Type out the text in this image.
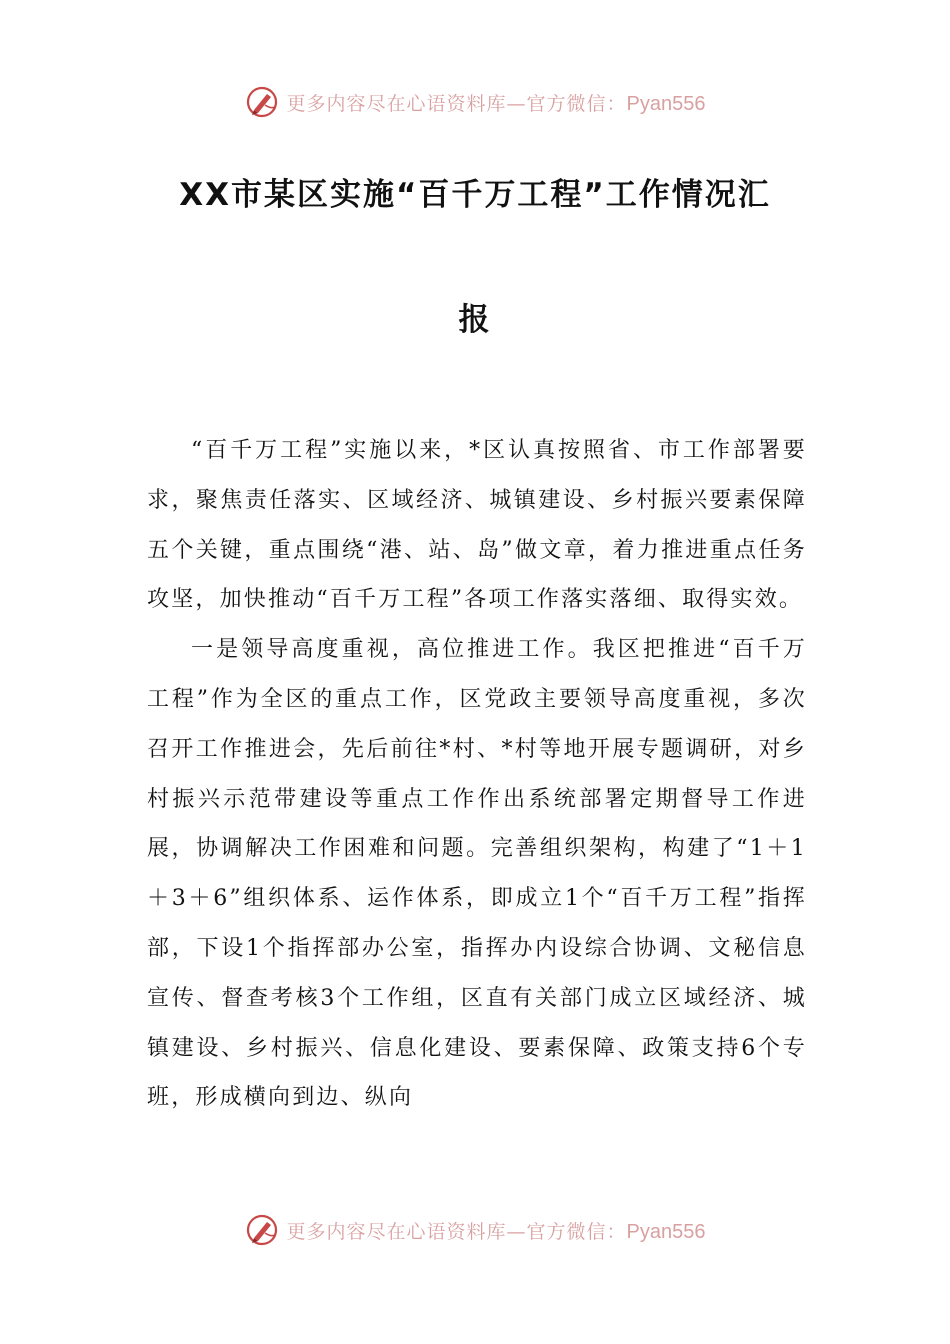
更多内容尽在心语资料库—官方微信：Pyan556
XX市某区实施“百千万工程”工作情况汇
报

“百千万工程”实施以来，*区认真按照省、市工作部署要求，聚焦责任落实、区域经济、城镇建设、乡村振兴要素保障五个关键，重点围绕“港、站、岛”做文章，着力推进重点任务攻坚，加快推动“百千万工程”各项工作落实落细、取得实效。

一是领导高度重视，高位推进工作。我区把推进“百千万工程”作为全区的重点工作，区党政主要领导高度重视，多次召开工作推进会，先后前往*村、*村等地开展专题调研，对乡村振兴示范带建设等重点工作作出系统部署定期督导工作进展，协调解决工作困难和问题。完善组织架构，构建了“1＋1＋3＋6”组织体系、运作体系，即成立1个“百千万工程”指挥部，下设1个指挥部办公室，指挥办内设综合协调、文秘信息宣传、督查考核3个工作组，区直有关部门成立区域经济、城镇建设、乡村振兴、信息化建设、要素保障、政策支持6个专班，形成横向到边、纵向

更多内容尽在心语资料库—官方微信：Pyan556
